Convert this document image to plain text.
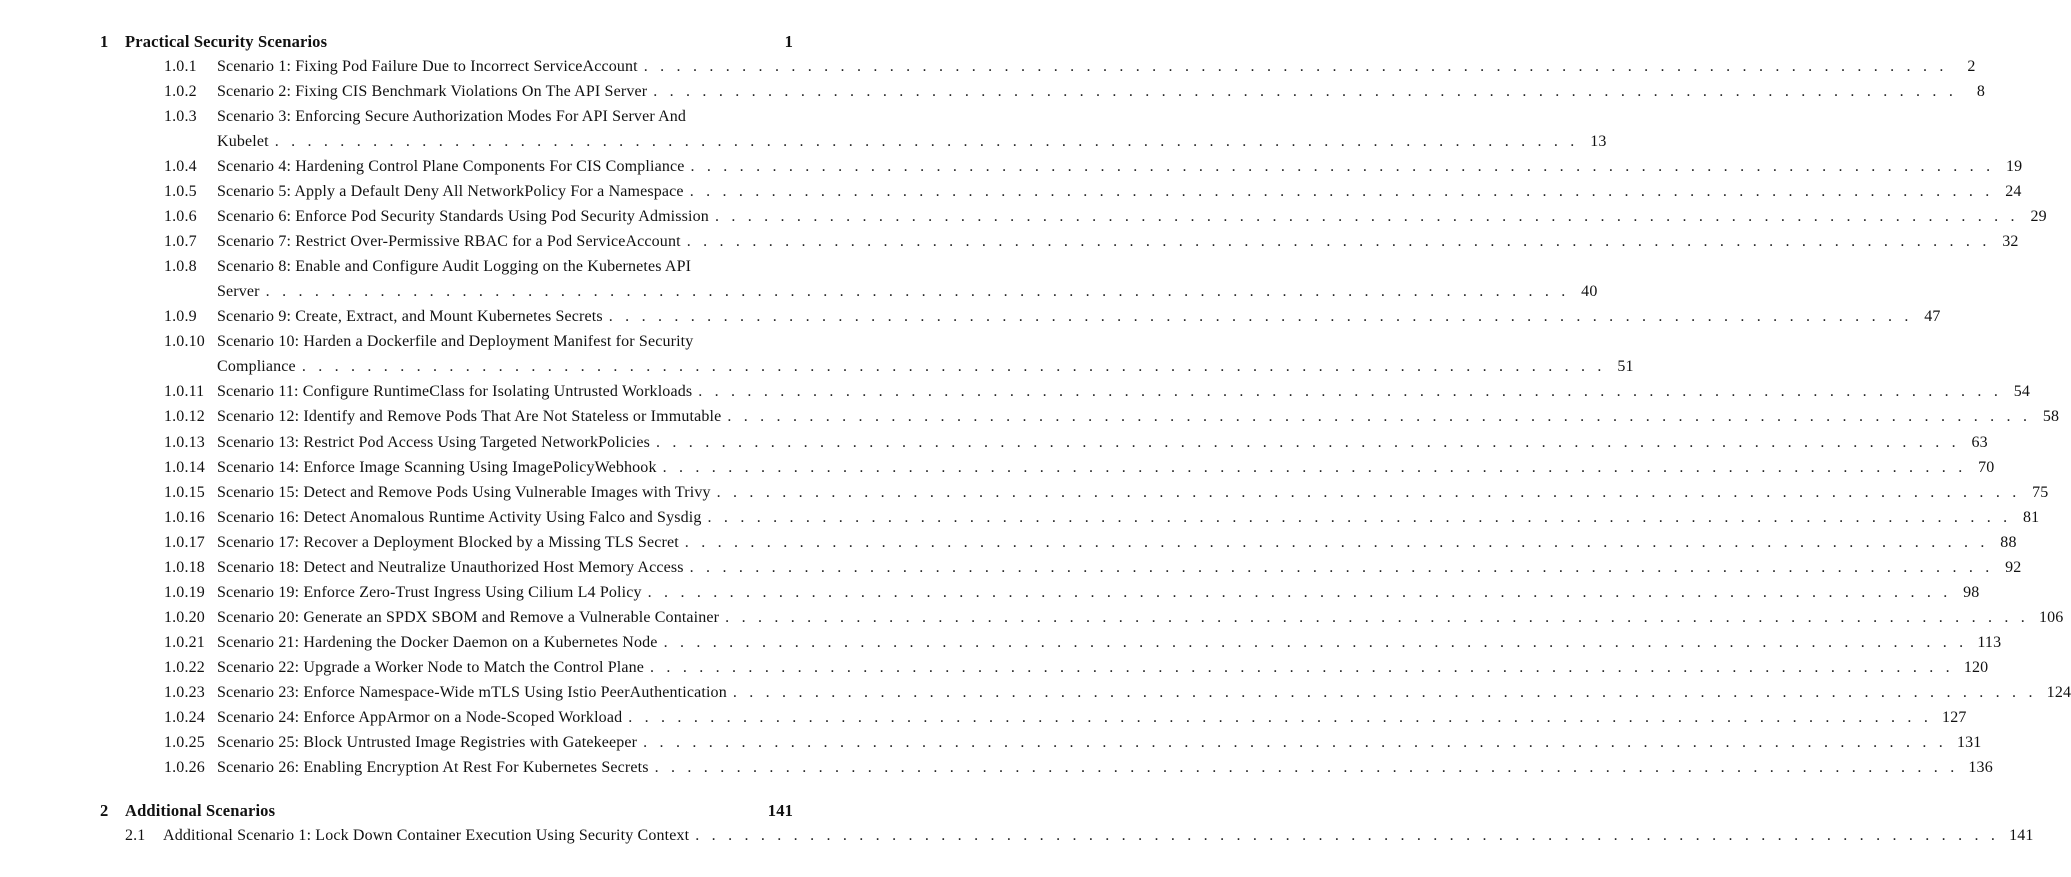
1 Practical Security Scenarios	1
1.0.1 Scenario 1: Fixing Pod Failure Due to Incorrect ServiceAccount . . . . . . . . . . . . . . . . . . . . . . . . . . . . . . . . . . . . . . . . . . . . . . . . . . . . . . . . . . . . . . . . . . . . . . . . . . . . . . . .	2
1.0.2 Scenario 2: Fixing CIS Benchmark Violations On The API Server . . . . . . . . . . . . . . . . . . . . . . . . . . . . . . . . . . . . . . . . . . . . . . . . . . . . . . . . . . . . . . . . . . . . . . . . . . . . . . . .	8
1.0.3 Scenario 3: Enforcing Secure Authorization Modes For API Server And
Kubelet . . . . . . . . . . . . . . . . . . . . . . . . . . . . . . . . . . . . . . . . . . . . . . . . . . . . . . . . . . . . . . . . . . . . . . . . . . . . . . . . 13
1.0.4 Scenario 4: Hardening Control Plane Components For CIS Compliance . . . . . . . . . . . . . . . . . . . . . . . . . . . . . . . . . . . . . . . . . . . . . . . . . . . . . . . . . . . . . . . . . . . . . . . . . . . . . . . . 19
1.0.5 Scenario 5: Apply a Default Deny All NetworkPolicy For a Namespace . . . . . . . . . . . . . . . . . . . . . . . . . . . . . . . . . . . . . . . . . . . . . . . . . . . . . . . . . . . . . . . . . . . . . . . . . . . . . . . . 24
1.0.6 Scenario 6: Enforce Pod Security Standards Using Pod Security Admission . . . . . . . . . . . . . . . . . . . . . . . . . . . . . . . . . . . . . . . . . . . . . . . . . . . . . . . . . . . . . . . . . . . . . . . . . . . . . . . . 29
1.0.7 Scenario 7: Restrict Over-Permissive RBAC for a Pod ServiceAccount . . . . . . . . . . . . . . . . . . . . . . . . . . . . . . . . . . . . . . . . . . . . . . . . . . . . . . . . . . . . . . . . . . . . . . . . . . . . . . . . 32
1.0.8 Scenario 8: Enable and Configure Audit Logging on the Kubernetes API
Server . . . . . . . . . . . . . . . . . . . . . . . . . . . . . . . . . . . . . . . . . . . . . . . . . . . . . . . . . . . . . . . . . . . . . . . . . . . . . . . . 40
1.0.9 Scenario 9: Create, Extract, and Mount Kubernetes Secrets . . . . . . . . . . . . . . . . . . . . . . . . . . . . . . . . . . . . . . . . . . . . . . . . . . . . . . . . . . . . . . . . . . . . . . . . . . . . . . . . 47
1.0.10 Scenario 10: Harden a Dockerfile and Deployment Manifest for Security
Compliance . . . . . . . . . . . . . . . . . . . . . . . . . . . . . . . . . . . . . . . . . . . . . . . . . . . . . . . . . . . . . . . . . . . . . . . . . . . . . . . . 51
1.0.11 Scenario 11: Configure RuntimeClass for Isolating Untrusted Workloads . . . . . . . . . . . . . . . . . . . . . . . . . . . . . . . . . . . . . . . . . . . . . . . . . . . . . . . . . . . . . . . . . . . . . . . . . . . . . . . . 54
1.0.12 Scenario 12: Identify and Remove Pods That Are Not Stateless or Immutable . . . . . . . . . . . . . . . . . . . . . . . . . . . . . . . . . . . . . . . . . . . . . . . . . . . . . . . . . . . . . . . . . . . . . . . . . . . . . . . . 58
1.0.13 Scenario 13: Restrict Pod Access Using Targeted NetworkPolicies . . . . . . . . . . . . . . . . . . . . . . . . . . . . . . . . . . . . . . . . . . . . . . . . . . . . . . . . . . . . . . . . . . . . . . . . . . . . . . . . 63
1.0.14 Scenario 14: Enforce Image Scanning Using ImagePolicyWebhook . . . . . . . . . . . . . . . . . . . . . . . . . . . . . . . . . . . . . . . . . . . . . . . . . . . . . . . . . . . . . . . . . . . . . . . . . . . . . . . . 70
1.0.15 Scenario 15: Detect and Remove Pods Using Vulnerable Images with Trivy . . . . . . . . . . . . . . . . . . . . . . . . . . . . . . . . . . . . . . . . . . . . . . . . . . . . . . . . . . . . . . . . . . . . . . . . . . . . . . . . 75
1.0.16 Scenario 16: Detect Anomalous Runtime Activity Using Falco and Sysdig . . . . . . . . . . . . . . . . . . . . . . . . . . . . . . . . . . . . . . . . . . . . . . . . . . . . . . . . . . . . . . . . . . . . . . . . . . . . . . . . 81
1.0.17 Scenario 17: Recover a Deployment Blocked by a Missing TLS Secret . . . . . . . . . . . . . . . . . . . . . . . . . . . . . . . . . . . . . . . . . . . . . . . . . . . . . . . . . . . . . . . . . . . . . . . . . . . . . . . . 88
1.0.18 Scenario 18: Detect and Neutralize Unauthorized Host Memory Access . . . . . . . . . . . . . . . . . . . . . . . . . . . . . . . . . . . . . . . . . . . . . . . . . . . . . . . . . . . . . . . . . . . . . . . . . . . . . . . . 92
1.0.19 Scenario 19: Enforce Zero-Trust Ingress Using Cilium L4 Policy . . . . . . . . . . . . . . . . . . . . . . . . . . . . . . . . . . . . . . . . . . . . . . . . . . . . . . . . . . . . . . . . . . . . . . . . . . . . . . . . 98
1.0.20 Scenario 20: Generate an SPDX SBOM and Remove a Vulnerable Container . . . . . . . . . . . . . . . . . . . . . . . . . . . . . . . . . . . . . . . . . . . . . . . . . . . . . . . . . . . . . . . . . . . . . . . . . . . . . . . . 106
1.0.21 Scenario 21: Hardening the Docker Daemon on a Kubernetes Node . . . . . . . . . . . . . . . . . . . . . . . . . . . . . . . . . . . . . . . . . . . . . . . . . . . . . . . . . . . . . . . . . . . . . . . . . . . . . . . . 113
1.0.22 Scenario 22: Upgrade a Worker Node to Match the Control Plane . . . . . . . . . . . . . . . . . . . . . . . . . . . . . . . . . . . . . . . . . . . . . . . . . . . . . . . . . . . . . . . . . . . . . . . . . . . . . . . . 120
1.0.23 Scenario 23: Enforce Namespace-Wide mTLS Using Istio PeerAuthentication . . . . . . . . . . . . . . . . . . . . . . . . . . . . . . . . . . . . . . . . . . . . . . . . . . . . . . . . . . . . . . . . . . . . . . . . . . . . . . . . 124
1.0.24 Scenario 24: Enforce AppArmor on a Node-Scoped Workload . . . . . . . . . . . . . . . . . . . . . . . . . . . . . . . . . . . . . . . . . . . . . . . . . . . . . . . . . . . . . . . . . . . . . . . . . . . . . . . . 127
1.0.25 Scenario 25: Block Untrusted Image Registries with Gatekeeper . . . . . . . . . . . . . . . . . . . . . . . . . . . . . . . . . . . . . . . . . . . . . . . . . . . . . . . . . . . . . . . . . . . . . . . . . . . . . . . . 131
1.0.26 Scenario 26: Enabling Encryption At Rest For Kubernetes Secrets . . . . . . . . . . . . . . . . . . . . . . . . . . . . . . . . . . . . . . . . . . . . . . . . . . . . . . . . . . . . . . . . . . . . . . . . . . . . . . . . 136
2 Additional Scenarios	141
2.1 Additional Scenario 1: Lock Down Container Execution Using Security Context . . . . . . . . . . . . . . . . . . . . . . . . . . . . . . . . . . . . . . . . . . . . . . . . . . . . . . . . . . . . . . . . . . . . . . . . . . . . . . . . 141
